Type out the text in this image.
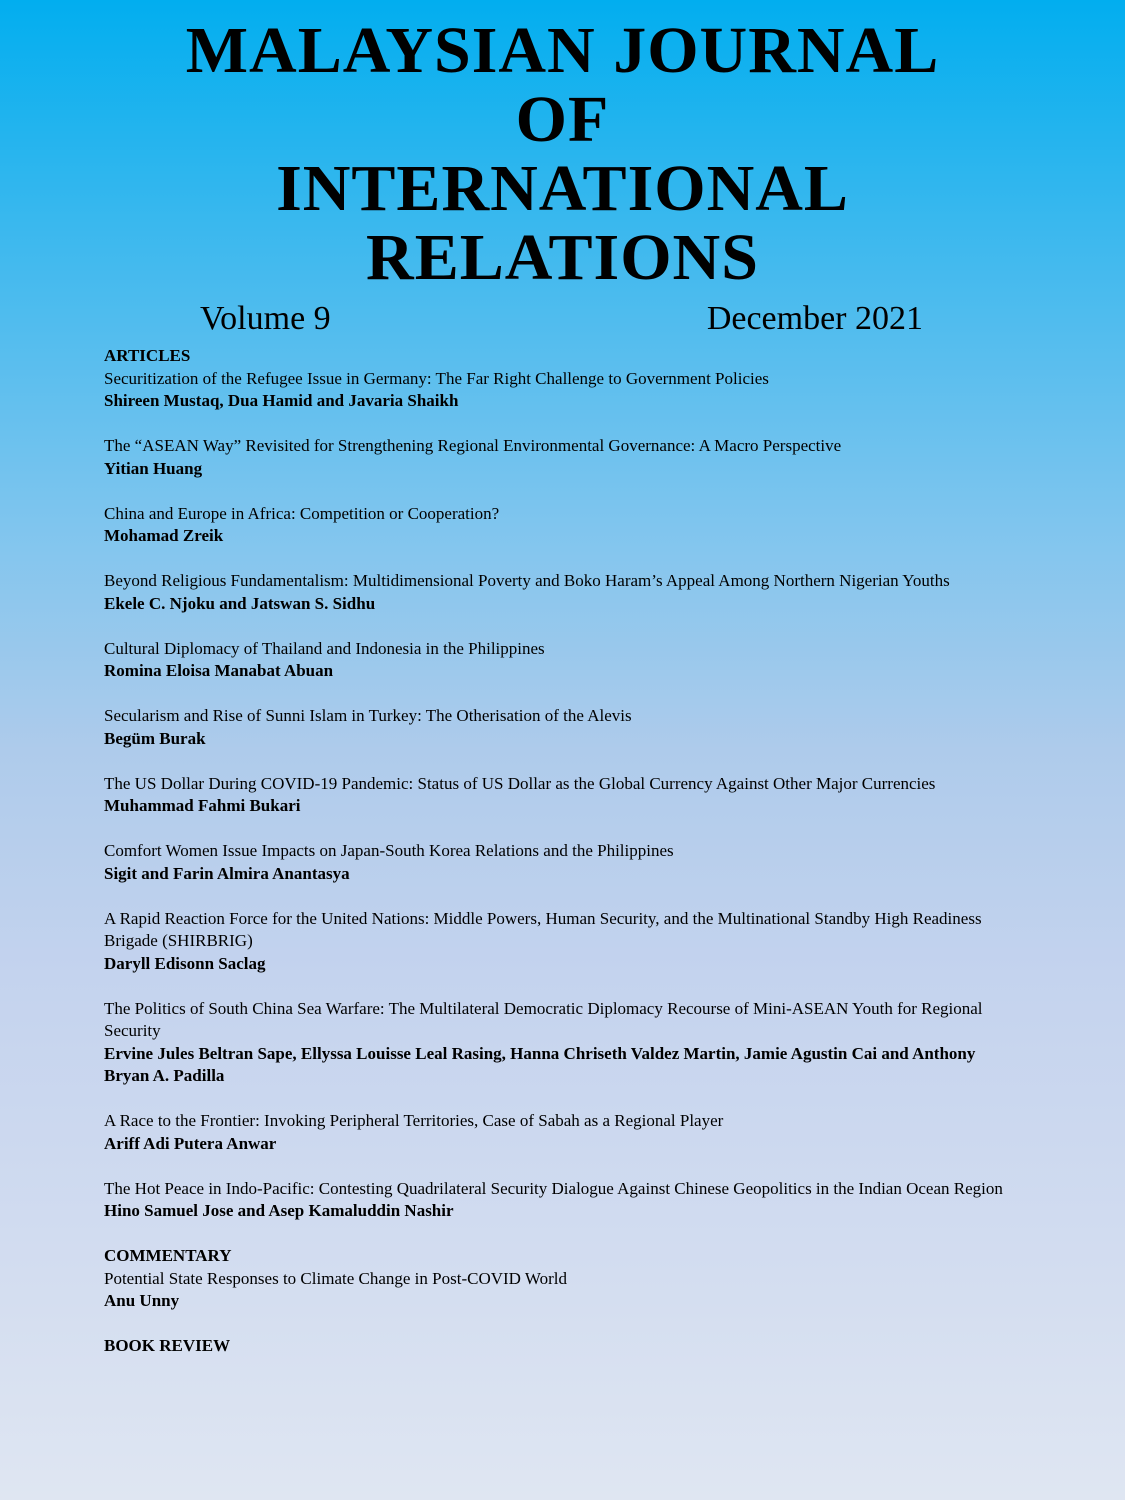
MALAYSIAN JOURNAL

OF

INTERNATIONAL

RELATIONS

Volume 9	December 2021

ARTICLES

Securitization of the Refugee Issue in Germany: The Far Right Challenge to Government Policies

Shireen Mustaq, Dua Hamid and Javaria Shaikh

The “ASEAN Way” Revisited for Strengthening Regional Environmental Governance: A Macro Perspective

Yitian Huang

China and Europe in Africa: Competition or Cooperation?

Mohamad Zreik

Beyond Religious Fundamentalism: Multidimensional Poverty and Boko Haram’s Appeal Among Northern Nigerian Youths

Ekele C. Njoku and Jatswan S. Sidhu

Cultural Diplomacy of Thailand and Indonesia in the Philippines

Romina Eloisa Manabat Abuan

Secularism and Rise of Sunni Islam in Turkey: The Otherisation of the Alevis

Begüm Burak

The US Dollar During COVID-19 Pandemic: Status of US Dollar as the Global Currency Against Other Major Currencies

Muhammad Fahmi Bukari

Comfort Women Issue Impacts on Japan-South Korea Relations and the Philippines

Sigit and Farin Almira Anantasya

A Rapid Reaction Force for the United Nations: Middle Powers, Human Security, and the Multinational Standby High Readiness Brigade (SHIRBRIG)

Daryll Edisonn Saclag

The Politics of South China Sea Warfare: The Multilateral Democratic Diplomacy Recourse of Mini-ASEAN Youth for Regional Security

Ervine Jules Beltran Sape, Ellyssa Louisse Leal Rasing, Hanna Chriseth Valdez Martin, Jamie Agustin Cai and Anthony Bryan A. Padilla

A Race to the Frontier: Invoking Peripheral Territories, Case of Sabah as a Regional Player

Ariff Adi Putera Anwar

The Hot Peace in Indo-Pacific: Contesting Quadrilateral Security Dialogue Against Chinese Geopolitics in the Indian Ocean Region

Hino Samuel Jose and Asep Kamaluddin Nashir

COMMENTARY

Potential State Responses to Climate Change in Post-COVID World

Anu Unny

BOOK REVIEW
